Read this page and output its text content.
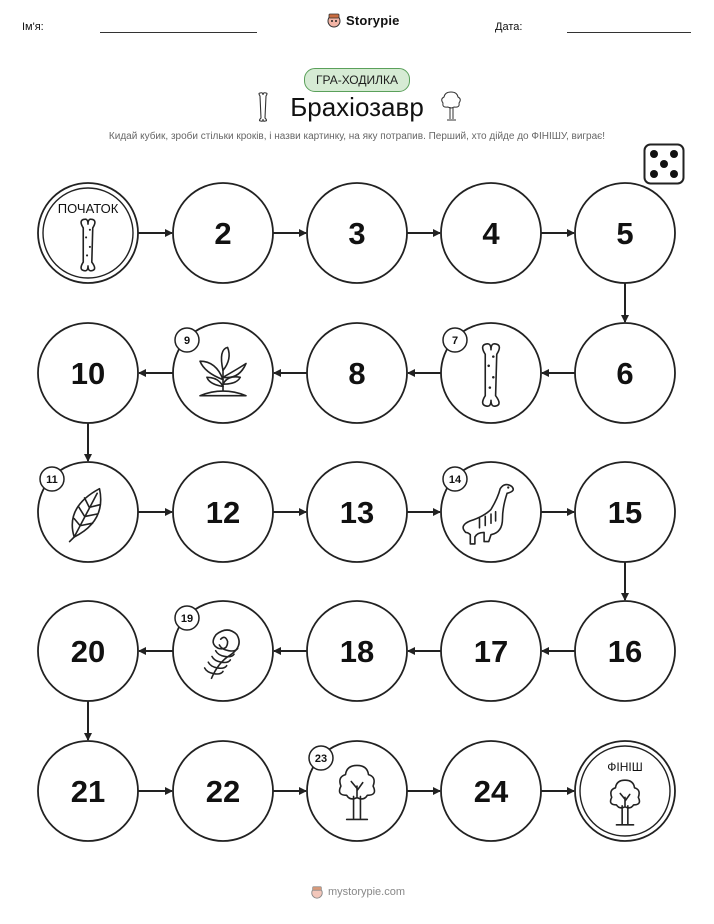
Ім'я:	Storypie	Дата:
ГРА-ХОДИЛКА
Брахіозавр
Кидай кубик, зроби стільки кроків, і назви картинку, на яку потрапив. Перший, хто дійде до ФІНІШУ, виграє!
ПОЧАТОК
2	3	4	5
6
7
8
9
10
11
12	13
14
15
16
17
18
19
20
21	22
23
24
ФІНІШ
mystorypie.com
